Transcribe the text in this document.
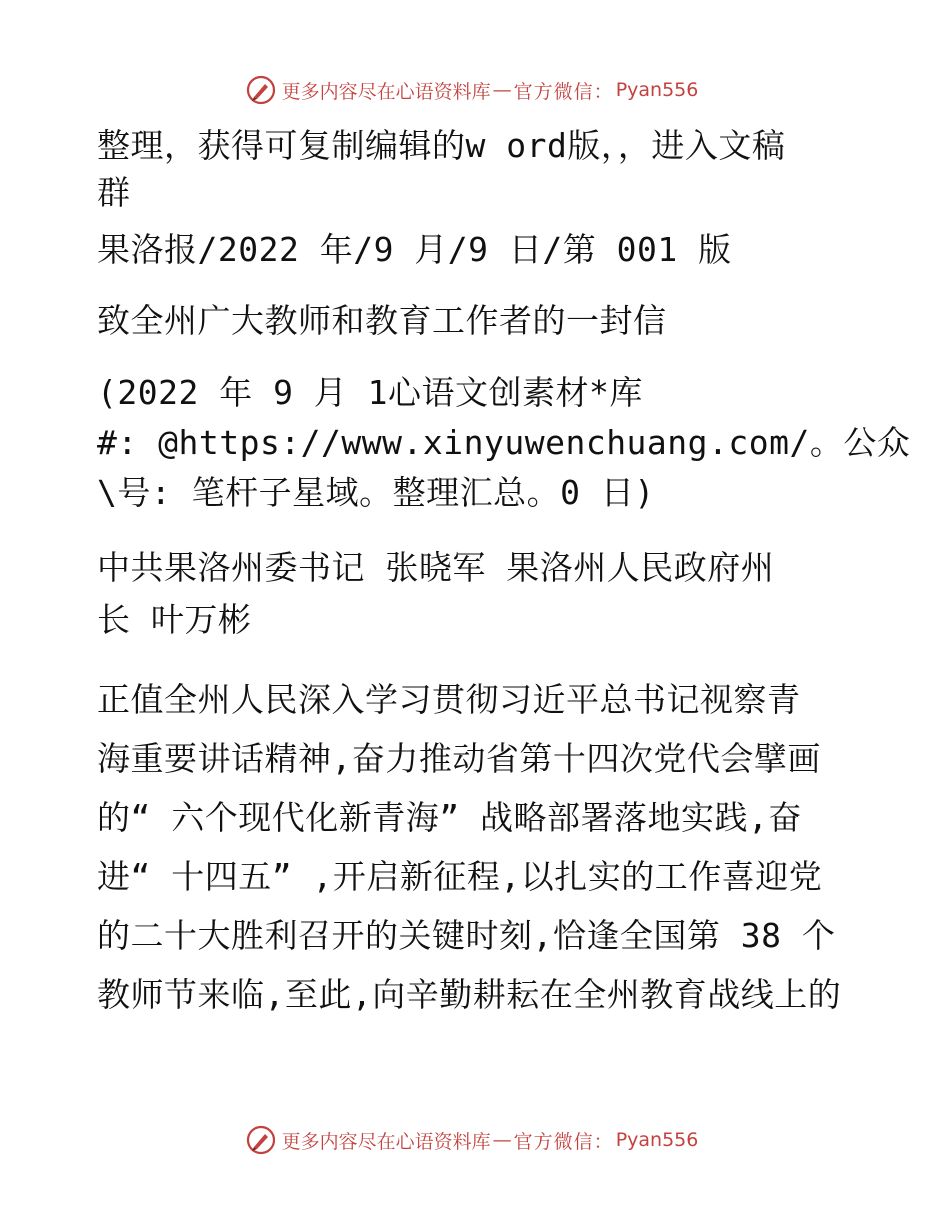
更多内容尽在心语资料库 — 官方微信： Pyan556
整理，获得可复制编辑的w ord版，，进入文稿
群
果洛报/2022 年/9 月/9 日/第 001 版
致全州广大教师和教育工作者的一封信
(2022 年 9 月 1心语文创素材*库
#: @https://www.xinyuwenchuang.com/。公众
\号: 笔杆子星域。整理汇总。0 日)
中共果洛州委书记 张晓军 果洛州人民政府州
长 叶万彬
正值全州人民深入学习贯彻习近平总书记视察青
海重要讲话精神,奋力推动省第十四次党代会擘画
的“ 六个现代化新青海” 战略部署落地实践,奋
进“ 十四五” ,开启新征程,以扎实的工作喜迎党
的二十大胜利召开的关键时刻,恰逢全国第 38 个
教师节来临,至此,向辛勤耕耘在全州教育战线上的
更多内容尽在心语资料库 — 官方微信： Pyan556
